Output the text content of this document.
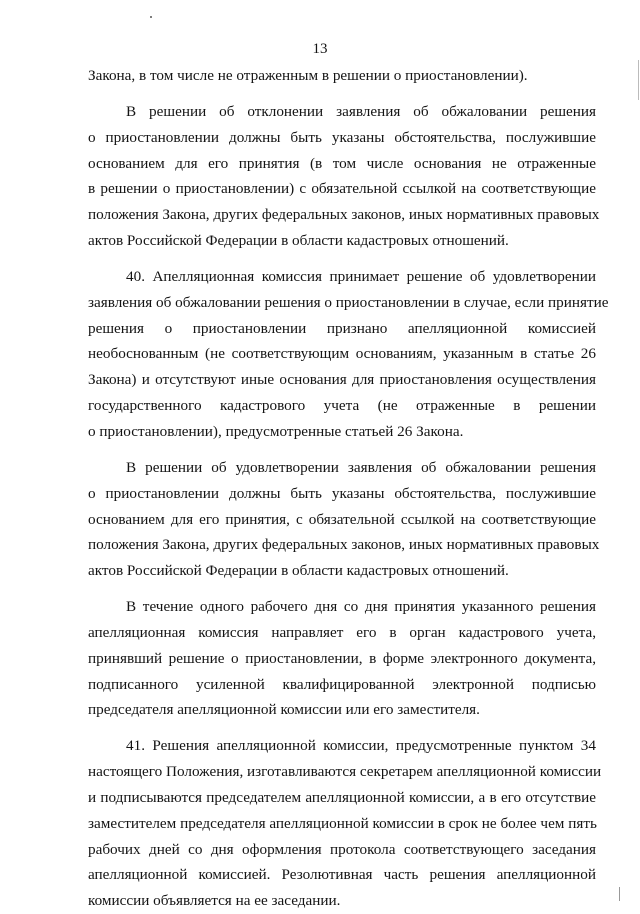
13
Закона, в том числе не отраженным в решении о приостановлении).
В решении об отклонении заявления об обжаловании решения
о приостановлении должны быть указаны обстоятельства, послужившие
основанием для его принятия (в том числе основания не отраженные
в решении о приостановлении) с обязательной ссылкой на соответствующие
положения Закона, других федеральных законов, иных нормативных правовых
актов Российской Федерации в области кадастровых отношений.
40. Апелляционная комиссия принимает решение об удовлетворении
заявления об обжаловании решения о приостановлении в случае, если принятие
решения о приостановлении признано апелляционной комиссией
необоснованным (не соответствующим основаниям, указанным в статье 26
Закона) и отсутствуют иные основания для приостановления осуществления
государственного кадастрового учета (не отраженные в решении
о приостановлении), предусмотренные статьей 26 Закона.
В решении об удовлетворении заявления об обжаловании решения
о приостановлении должны быть указаны обстоятельства, послужившие
основанием для его принятия, с обязательной ссылкой на соответствующие
положения Закона, других федеральных законов, иных нормативных правовых
актов Российской Федерации в области кадастровых отношений.
В течение одного рабочего дня со дня принятия указанного решения
апелляционная комиссия направляет его в орган кадастрового учета,
принявший решение о приостановлении, в форме электронного документа,
подписанного усиленной квалифицированной электронной подписью
председателя апелляционной комиссии или его заместителя.
41. Решения апелляционной комиссии, предусмотренные пунктом 34
настоящего Положения, изготавливаются секретарем апелляционной комиссии
и подписываются председателем апелляционной комиссии, а в его отсутствие
заместителем председателя апелляционной комиссии в срок не более чем пять
рабочих дней со дня оформления протокола соответствующего заседания
апелляционной комиссией. Резолютивная часть решения апелляционной
комиссии объявляется на ее заседании.
